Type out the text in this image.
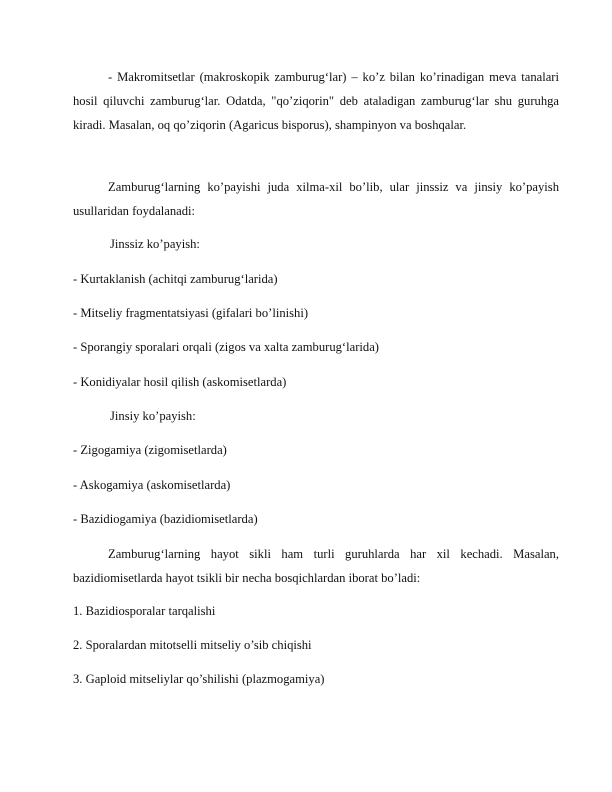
- Makromitsetlar (makroskopik zamburug‘lar) – ko’z bilan ko’rinadigan meva tanalari hosil qiluvchi zamburug‘lar. Odatda, "qo’ziqorin" deb ataladigan zamburug‘lar shu guruhga kiradi. Masalan, oq qo’ziqorin (Agaricus bisporus), shampinyon va boshqalar.

Zamburug‘larning ko’payishi juda xilma-xil bo’lib, ular jinssiz va jinsiy ko’payish usullaridan foydalanadi:

Jinssiz ko’payish:

- Kurtaklanish (achitqi zamburug‘larida)

- Mitseliy fragmentatsiyasi (gifalari bo’linishi)

- Sporangiy sporalari orqali (zigos va xalta zamburug‘larida)

- Konidiyalar hosil qilish (askomisetlarda)

Jinsiy ko’payish:

- Zigogamiya (zigomisetlarda)

- Askogamiya (askomisetlarda)

- Bazidiogamiya (bazidiomisetlarda)

Zamburug‘larning hayot sikli ham turli guruhlarda har xil kechadi. Masalan, bazidiomisetlarda hayot tsikli bir necha bosqichlardan iborat bo’ladi:

1. Bazidiosporalar tarqalishi

2. Sporalardan mitotselli mitseliy o’sib chiqishi

3. Gaploid mitseliylar qo’shilishi (plazmogamiya)
